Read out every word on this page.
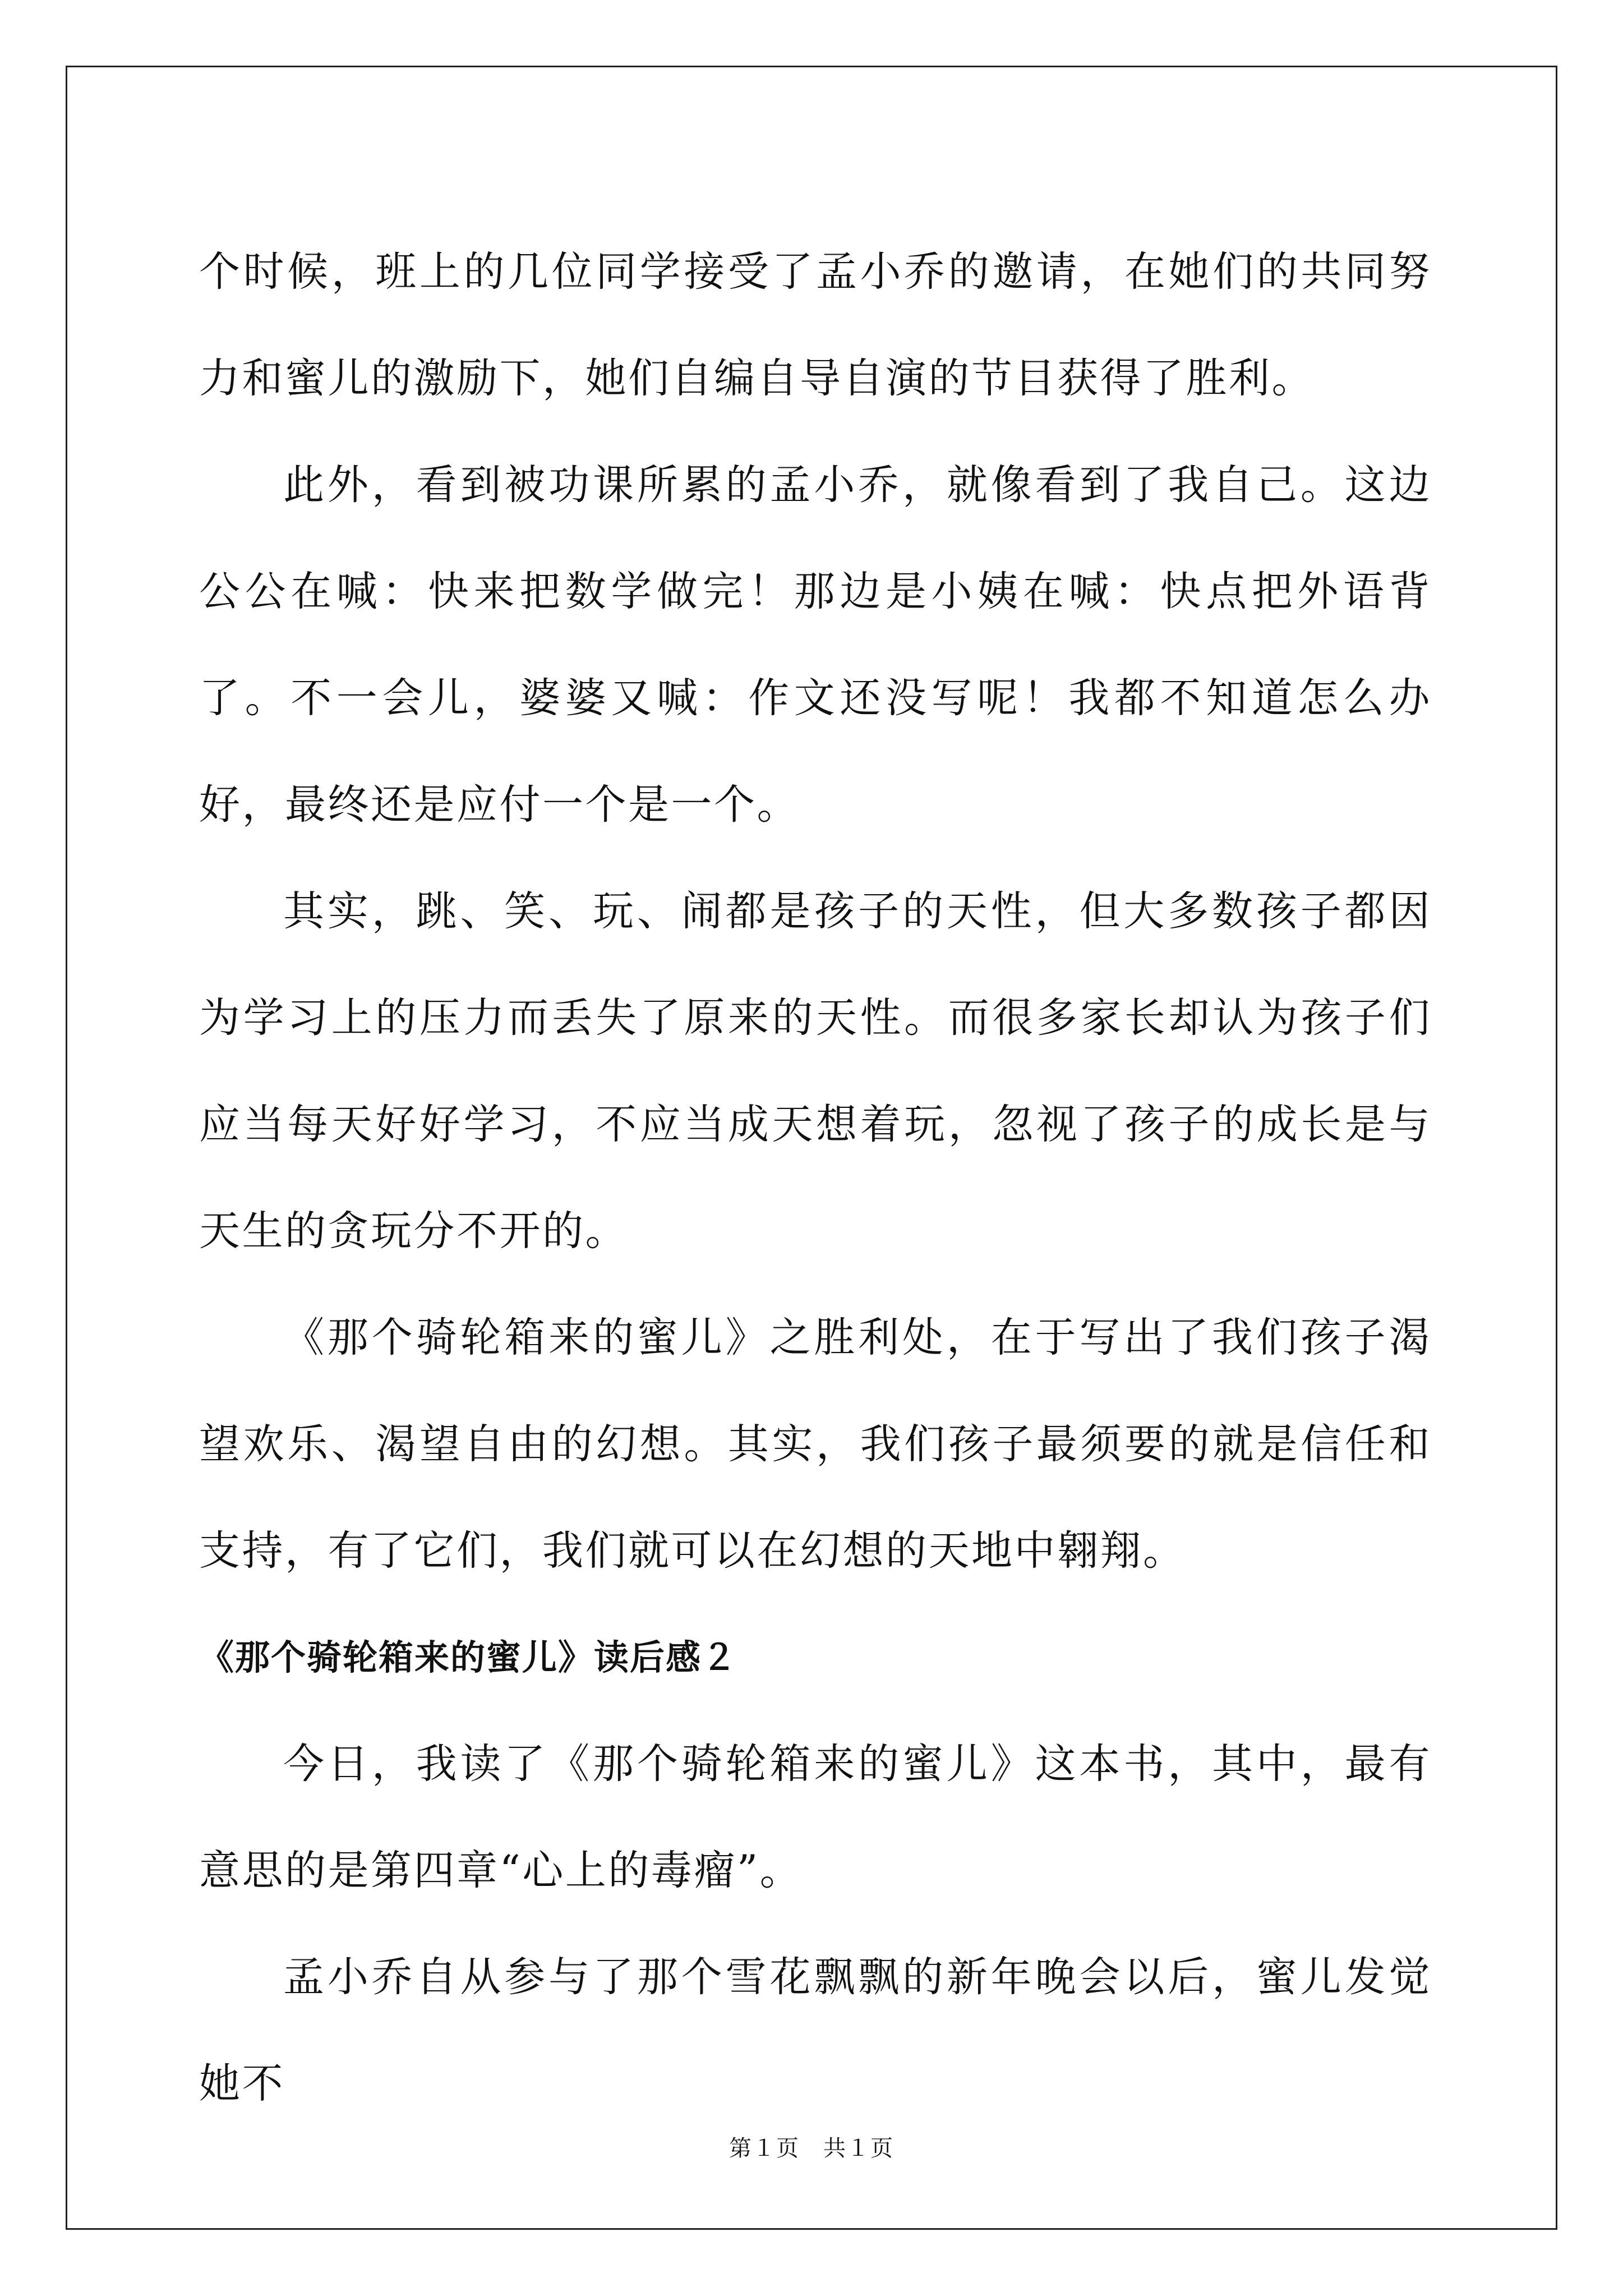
个时候，班上的几位同学接受了孟小乔的邀请，在她们的共同努力和蜜儿的激励下，她们自编自导自演的节目获得了胜利。

此外，看到被功课所累的孟小乔，就像看到了我自己。这边公公在喊：快来把数学做完！那边是小姨在喊：快点把外语背了。不一会儿，婆婆又喊：作文还没写呢！我都不知道怎么办好，最终还是应付一个是一个。

其实，跳、笑、玩、闹都是孩子的天性，但大多数孩子都因为学习上的压力而丢失了原来的天性。而很多家长却认为孩子们应当每天好好学习，不应当成天想着玩，忽视了孩子的成长是与天生的贪玩分不开的。

《那个骑轮箱来的蜜儿》之胜利处，在于写出了我们孩子渴望欢乐、渴望自由的幻想。其实，我们孩子最须要的就是信任和支持，有了它们，我们就可以在幻想的天地中翱翔。

《那个骑轮箱来的蜜儿》读后感２

今日，我读了《那个骑轮箱来的蜜儿》这本书，其中，最有意思的是第四章“心上的毒瘤”。

孟小乔自从参与了那个雪花飘飘的新年晚会以后，蜜儿发觉她不

第１页　共１页
